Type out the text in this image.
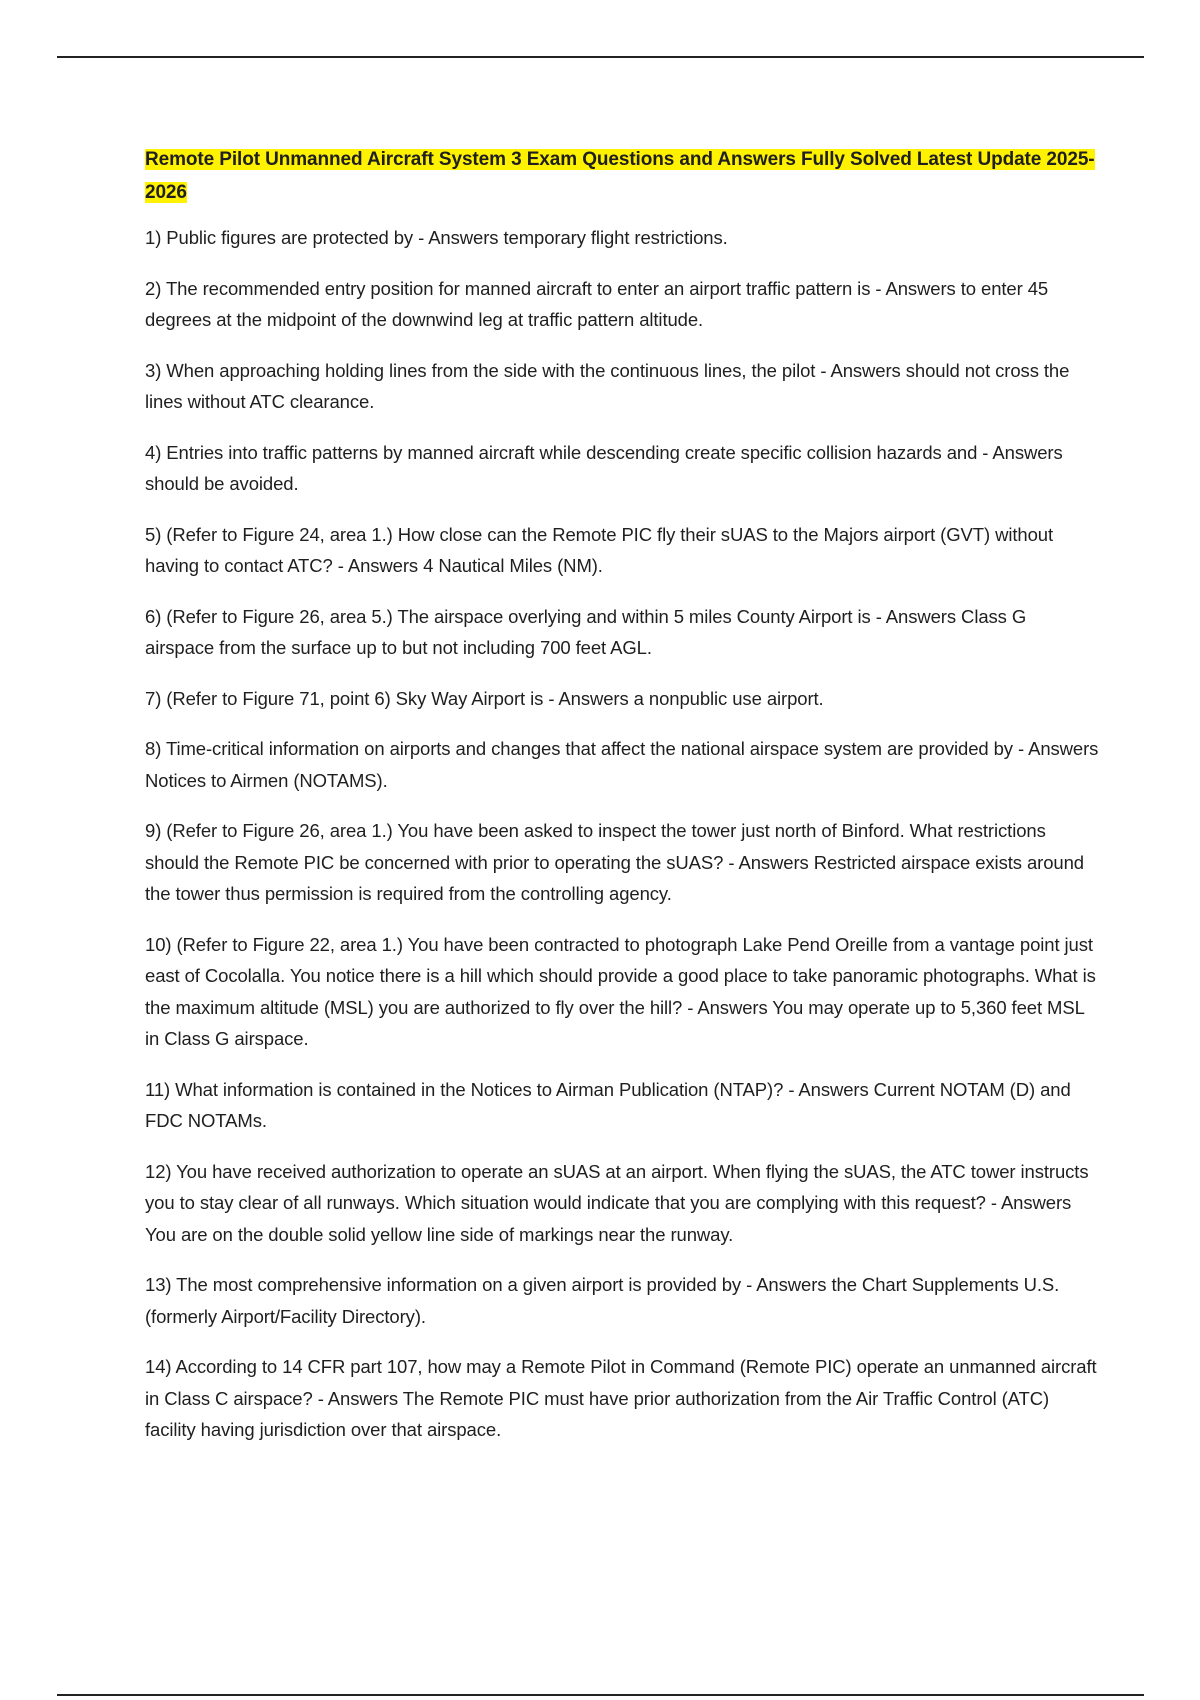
Remote Pilot Unmanned Aircraft System 3 Exam Questions and Answers Fully Solved Latest Update 2025-2026

1) Public figures are protected by - Answers temporary flight restrictions.

2) The recommended entry position for manned aircraft to enter an airport traffic pattern is - Answers to enter 45 degrees at the midpoint of the downwind leg at traffic pattern altitude.

3) When approaching holding lines from the side with the continuous lines, the pilot - Answers should not cross the lines without ATC clearance.

4) Entries into traffic patterns by manned aircraft while descending create specific collision hazards and - Answers should be avoided.

5) (Refer to Figure 24, area 1.) How close can the Remote PIC fly their sUAS to the Majors airport (GVT) without having to contact ATC? - Answers 4 Nautical Miles (NM).

6) (Refer to Figure 26, area 5.) The airspace overlying and within 5 miles County Airport is - Answers Class G airspace from the surface up to but not including 700 feet AGL.

7) (Refer to Figure 71, point 6) Sky Way Airport is - Answers a nonpublic use airport.

8) Time-critical information on airports and changes that affect the national airspace system are provided by - Answers Notices to Airmen (NOTAMS).

9) (Refer to Figure 26, area 1.) You have been asked to inspect the tower just north of Binford. What restrictions should the Remote PIC be concerned with prior to operating the sUAS? - Answers Restricted airspace exists around the tower thus permission is required from the controlling agency.

10) (Refer to Figure 22, area 1.) You have been contracted to photograph Lake Pend Oreille from a vantage point just east of Cocolalla. You notice there is a hill which should provide a good place to take panoramic photographs. What is the maximum altitude (MSL) you are authorized to fly over the hill? - Answers You may operate up to 5,360 feet MSL in Class G airspace.

11) What information is contained in the Notices to Airman Publication (NTAP)? - Answers Current NOTAM (D) and FDC NOTAMs.

12) You have received authorization to operate an sUAS at an airport. When flying the sUAS, the ATC tower instructs you to stay clear of all runways. Which situation would indicate that you are complying with this request? - Answers You are on the double solid yellow line side of markings near the runway.

13) The most comprehensive information on a given airport is provided by - Answers the Chart Supplements U.S. (formerly Airport/Facility Directory).

14) According to 14 CFR part 107, how may a Remote Pilot in Command (Remote PIC) operate an unmanned aircraft in Class C airspace? - Answers The Remote PIC must have prior authorization from the Air Traffic Control (ATC) facility having jurisdiction over that airspace.
